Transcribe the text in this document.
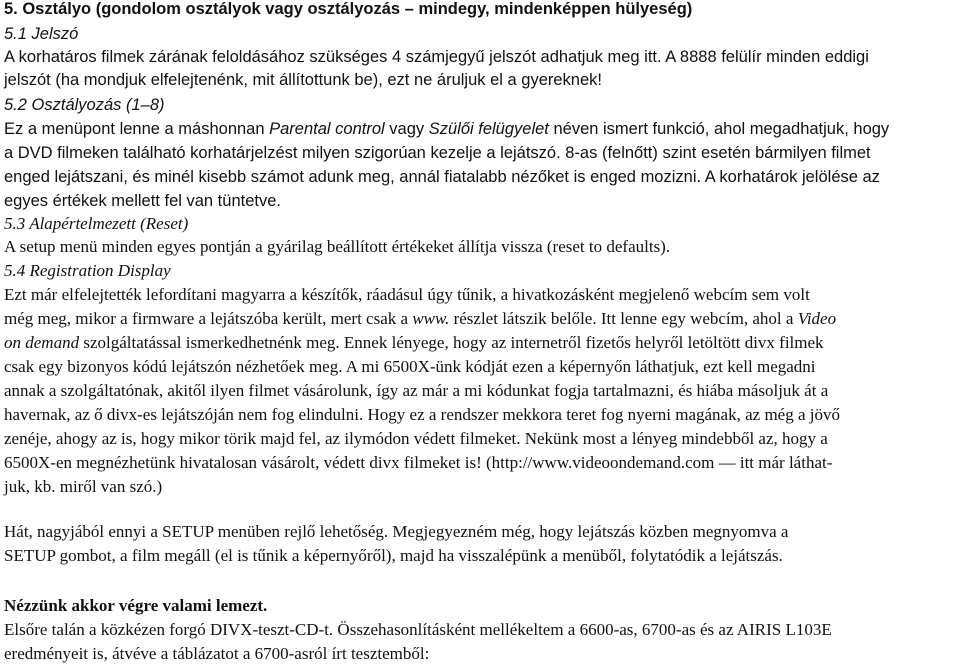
5. Osztályo (gondolom osztályok vagy osztályozás – mindegy, mindenképpen hülyeség)
5.1 Jelszó
A korhatáros filmek zárának feloldásához szükséges 4 számjegyű jelszót adhatjuk meg itt. A 8888 felülír minden eddigi
jelszót (ha mondjuk elfelejtenénk, mit állítottunk be), ezt ne áruljuk el a gyereknek!
5.2 Osztályozás (1–8)
Ez a menüpont lenne a máshonnan Parental control vagy Szülői felügyelet néven ismert funkció, ahol megadhatjuk, hogy
a DVD filmeken található korhatárjelzést milyen szigorúan kezelje a lejátszó. 8-as (felnőtt) szint esetén bármilyen filmet
enged lejátszani, és minél kisebb számot adunk meg, annál fiatalabb nézőket is enged mozizni. A korhatárok jelölése az
egyes értékek mellett fel van tüntetve.
5.3 Alapértelmezett (Reset)
A setup menü minden egyes pontján a gyárilag beállított értékeket állítja vissza (reset to defaults).
5.4 Registration Display
Ezt már elfelejtették lefordítani magyarra a készítők, ráadásul úgy tűnik, a hivatkozásként megjelenő webcím sem volt
még meg, mikor a firmware a lejátszóba került, mert csak a www. részlet látszik belőle. Itt lenne egy webcím, ahol a Video
on demand szolgáltatással ismerkedhetnénk meg. Ennek lényege, hogy az internetről fizetős helyről letöltött divx filmek
csak egy bizonyos kódú lejátszón nézhetőek meg. A mi 6500X-ünk kódját ezen a képernyőn láthatjuk, ezt kell megadni
annak a szolgáltatónak, akitől ilyen filmet vásárolunk, így az már a mi kódunkat fogja tartalmazni, és hiába másoljuk át a
havernak, az ő divx-es lejátszóján nem fog elindulni. Hogy ez a rendszer mekkora teret fog nyerni magának, az még a jövő
zenéje, ahogy az is, hogy mikor törik majd fel, az ilymódon védett filmeket. Nekünk most a lényeg mindebből az, hogy a
6500X-en megnézhetünk hivatalosan vásárolt, védett divx filmeket is! (http://www.videoondemand.com — itt már láthat-
juk, kb. miről van szó.)
Hát, nagyjából ennyi a SETUP menüben rejlő lehetőség. Megjegyezném még, hogy lejátszás közben megnyomva a
SETUP gombot, a film megáll (el is tűnik a képernyőről), majd ha visszalépünk a menüből, folytatódik a lejátszás.
Nézzünk akkor végre valami lemezt.
Elsőre talán a közkézen forgó DIVX-teszt-CD-t. Összehasonlításként mellékeltem a 6600-as, 6700-as és az AIRIS L103E
eredményeit is, átvéve a táblázatot a 6700-asról írt tesztemből:
